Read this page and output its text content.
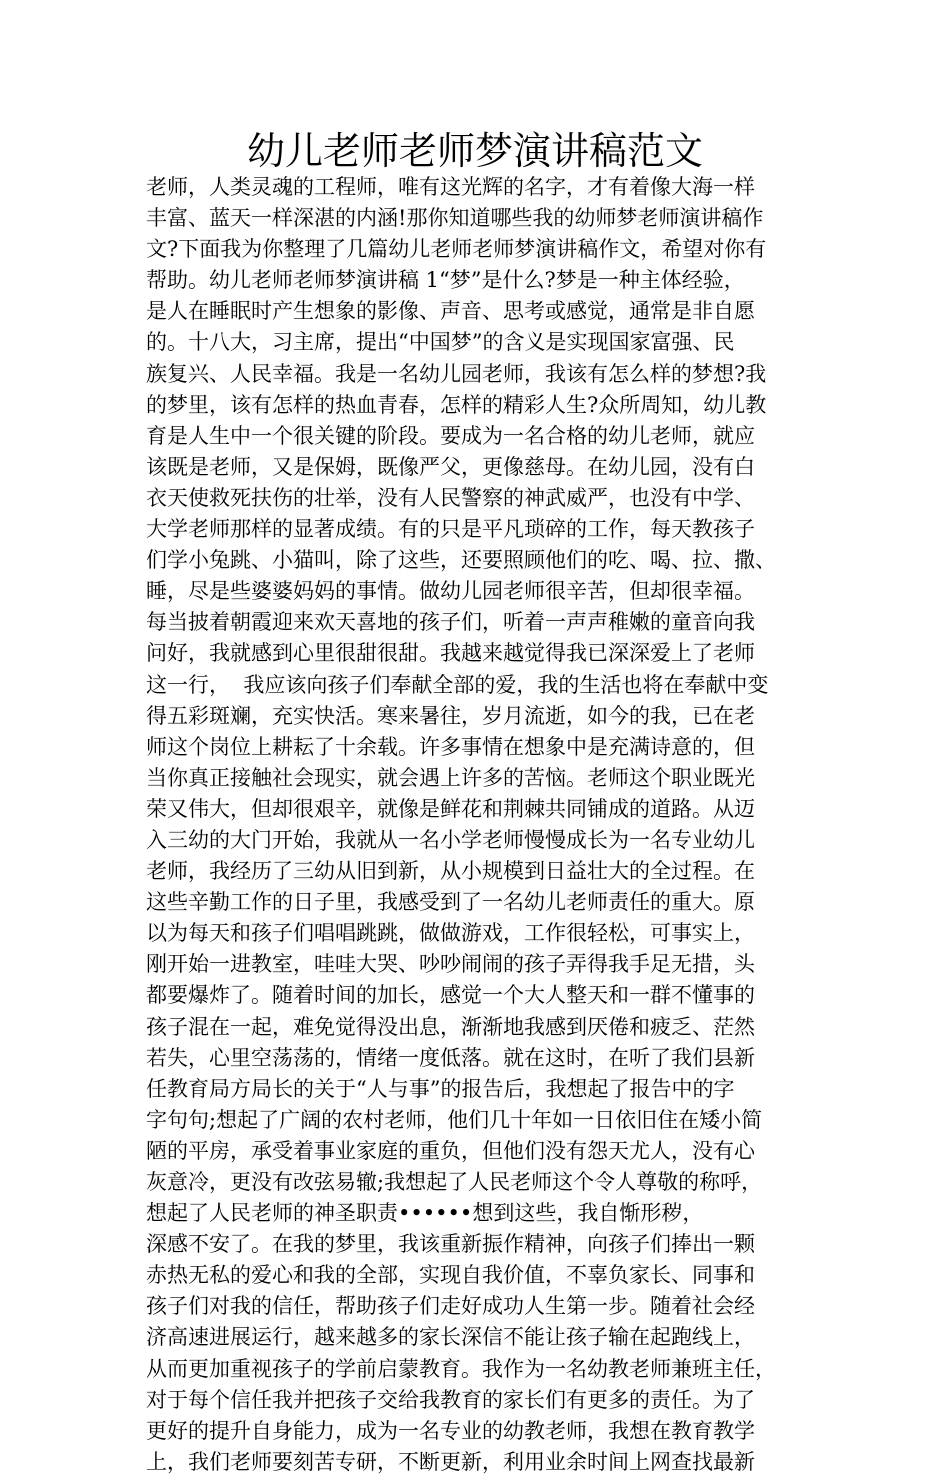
幼儿老师老师梦演讲稿范文
老师，人类灵魂的工程师，唯有这光辉的名字，才有着像大海一样
丰富、蓝天一样深湛的内涵!那你知道哪些我的幼师梦老师演讲稿作
文?下面我为你整理了几篇幼儿老师老师梦演讲稿作文，希望对你有
帮助。幼儿老师老师梦演讲稿 1“梦”是什么?梦是一种主体经验，
是人在睡眠时产生想象的影像、声音、思考或感觉，通常是非自愿
的。十八大，习主席，提出“中国梦”的含义是实现国家富强、民
族复兴、人民幸福。我是一名幼儿园老师，我该有怎么样的梦想?我
的梦里，该有怎样的热血青春，怎样的精彩人生?众所周知，幼儿教
育是人生中一个很关键的阶段。要成为一名合格的幼儿老师，就应
该既是老师，又是保姆，既像严父，更像慈母。在幼儿园，没有白
衣天使救死扶伤的壮举，没有人民警察的神武威严，也没有中学、
大学老师那样的显著成绩。有的只是平凡琐碎的工作，每天教孩子
们学小兔跳、小猫叫，除了这些，还要照顾他们的吃、喝、拉、撒、
睡，尽是些婆婆妈妈的事情。做幼儿园老师很辛苦，但却很幸福。
每当披着朝霞迎来欢天喜地的孩子们，听着一声声稚嫩的童音向我
问好，我就感到心里很甜很甜。我越来越觉得我已深深爱上了老师
这一行，  我应该向孩子们奉献全部的爱，我的生活也将在奉献中变
得五彩斑斓，充实快活。寒来暑往，岁月流逝，如今的我，已在老
师这个岗位上耕耘了十余载。许多事情在想象中是充满诗意的，但
当你真正接触社会现实，就会遇上许多的苦恼。老师这个职业既光
荣又伟大，但却很艰辛，就像是鲜花和荆棘共同铺成的道路。从迈
入三幼的大门开始，我就从一名小学老师慢慢成长为一名专业幼儿
老师，我经历了三幼从旧到新，从小规模到日益壮大的全过程。在
这些辛勤工作的日子里，我感受到了一名幼儿老师责任的重大。原
以为每天和孩子们唱唱跳跳，做做游戏，工作很轻松，可事实上，
刚开始一进教室，哇哇大哭、吵吵闹闹的孩子弄得我手足无措，头
都要爆炸了。随着时间的加长，感觉一个大人整天和一群不懂事的
孩子混在一起，难免觉得没出息，渐渐地我感到厌倦和疲乏、茫然
若失，心里空荡荡的，情绪一度低落。就在这时，在听了我们县新
任教育局方局长的关于“人与事”的报告后，我想起了报告中的字
字句句;想起了广阔的农村老师，他们几十年如一日依旧住在矮小简
陋的平房，承受着事业家庭的重负，但他们没有怨天尤人，没有心
灰意冷，更没有改弦易辙;我想起了人民老师这个令人尊敬的称呼，
想起了人民老师的神圣职责••••••想到这些，我自惭形秽，
深感不安了。在我的梦里，我该重新振作精神，向孩子们捧出一颗
赤热无私的爱心和我的全部，实现自我价值，不辜负家长、同事和
孩子们对我的信任，帮助孩子们走好成功人生第一步。随着社会经
济高速进展运行，越来越多的家长深信不能让孩子输在起跑线上，
从而更加重视孩子的学前启蒙教育。我作为一名幼教老师兼班主任，
对于每个信任我并把孩子交给我教育的家长们有更多的责任。为了
更好的提升自身能力，成为一名专业的幼教老师，我想在教育教学
上，我们老师要刻苦专研，不断更新，利用业余时间上网查找最新
